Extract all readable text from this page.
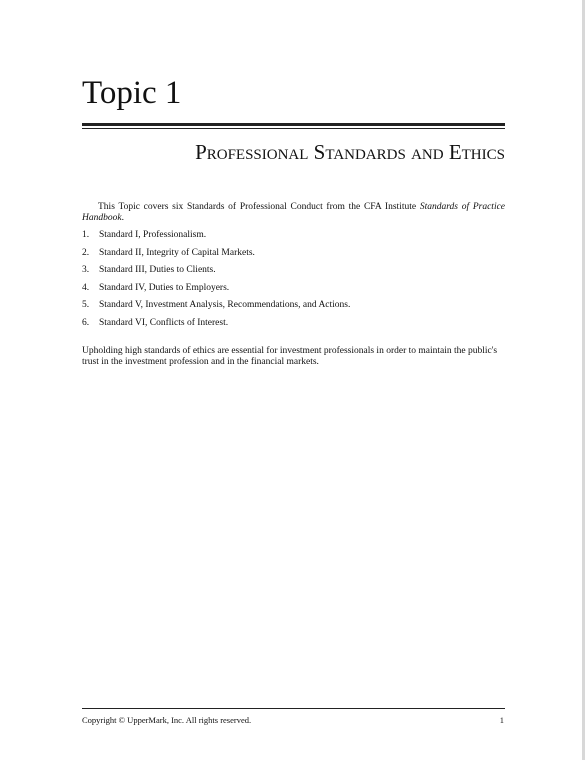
Topic 1
Professional Standards and Ethics

This Topic covers six Standards of Professional Conduct from the CFA Institute Standards of Practice Handbook.

1. Standard I, Professionalism.
2. Standard II, Integrity of Capital Markets.
3. Standard III, Duties to Clients.
4. Standard IV, Duties to Employers.
5. Standard V, Investment Analysis, Recommendations, and Actions.
6. Standard VI, Conflicts of Interest.

Upholding high standards of ethics are essential for investment professionals in order to maintain the public's trust in the investment profession and in the financial markets.

Copyright © UpperMark, Inc. All rights reserved.	1
